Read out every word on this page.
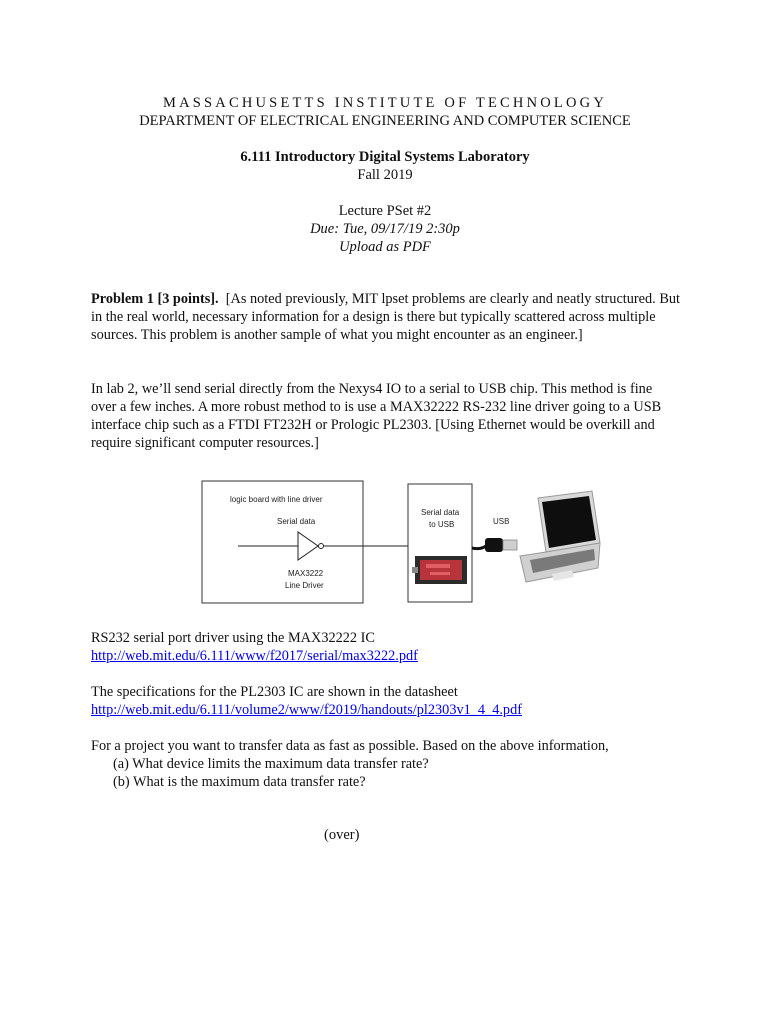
MASSACHUSETTS INSTITUTE OF TECHNOLOGY
DEPARTMENT OF ELECTRICAL ENGINEERING AND COMPUTER SCIENCE
6.111 Introductory Digital Systems Laboratory
Fall 2019
Lecture PSet #2
Due: Tue, 09/17/19 2:30p
Upload as PDF

Problem 1 [3 points]. [As noted previously, MIT lpset problems are clearly and neatly structured. But in the real world, necessary information for a design is there but typically scattered across multiple sources. This problem is another sample of what you might encounter as an engineer.]

In lab 2, we’ll send serial directly from the Nexys4 IO to a serial to USB chip. This method is fine over a few inches. A more robust method to is use a MAX32222 RS-232 line driver going to a USB interface chip such as a FTDI FT232H or Prologic PL2303. [Using Ethernet would be overkill and require significant computer resources.]

logic board with line driver
Serial data
MAX3222
Line Driver
Serial data
to USB	USB

RS232 serial port driver using the MAX32222 IC

http://web.mit.edu/6.111/www/f2017/serial/max3222.pdf

The specifications for the PL2303 IC are shown in the datasheet

http://web.mit.edu/6.111/volume2/www/f2019/handouts/pl2303v1_4_4.pdf

For a project you want to transfer data as fast as possible. Based on the above information,

(a) What device limits the maximum data transfer rate?

(b) What is the maximum data transfer rate?

(over)
